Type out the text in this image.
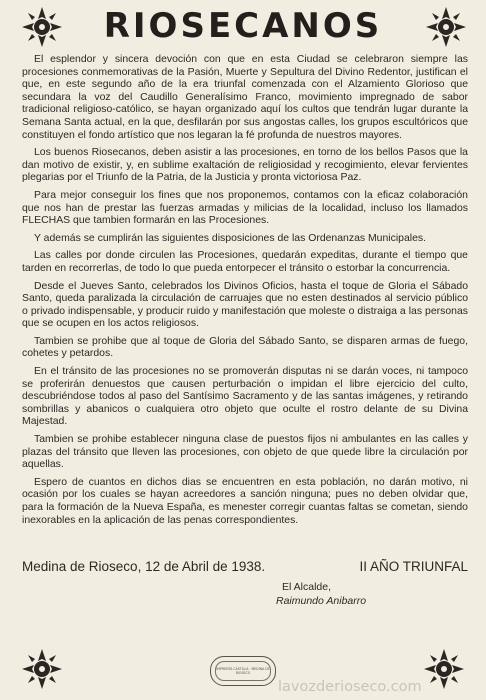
RIOSECANOS

El esplendor y sincera devoción con que en esta Ciudad se celebraron siempre las procesiones conmemorativas de la Pasión, Muerte y Sepultura del Divino Redentor, justifican el que, en este segundo año de la era triunfal comenzada con el Alzamiento Glorioso que secundara la voz del Caudillo Generalísimo Franco, movimiento impregnado de sabor tradicional religioso-católico, se hayan organizado aquí los cultos que tendrán lugar durante la Semana Santa actual, en la que, desfilarán por sus angostas calles, los grupos escultóricos que constituyen el fondo artístico que nos legaran la fé profunda de nuestros mayores.

Los buenos Riosecanos, deben asistir a las procesiones, en torno de los bellos Pasos que la dan motivo de existir, y, en sublime exaltación de religiosidad y recogimiento, elevar fervientes plegarias por el Triunfo de la Patria, de la Justicia y pronta victoriosa Paz.

Para mejor conseguir los fines que nos proponemos, contamos con la eficaz colaboración que nos han de prestar las fuerzas armadas y milicias de la localidad, incluso los llamados FLECHAS que tambien formarán en las Procesiones.

Y además se cumplirán las siguientes disposiciones de las Ordenanzas Municipales.

Las calles por donde circulen las Procesiones, quedarán expeditas, durante el tiempo que tarden en recorrerlas, de todo lo que pueda entorpecer el tránsito o estorbar la concurrencia.

Desde el Jueves Santo, celebrados los Divinos Oficios, hasta el toque de Gloria el Sábado Santo, queda paralizada la circulación de carruajes que no esten destinados al servicio público o privado indispensable, y producir ruido y manifestación que moleste o distraiga a las personas que se ocupen en los actos religiosos.

Tambien se prohibe que al toque de Gloria del Sábado Santo, se disparen armas de fuego, cohetes y petardos.

En el tránsito de las procesiones no se promoverán disputas ni se darán voces, ni tampoco se proferirán denuestos que causen perturbación o impidan el libre ejercicio del culto, descubriéndose todos al paso del Santísimo Sacramento y de las santas imágenes, y retirando sombrillas y abanicos o cualquiera otro objeto que oculte el rostro delante de su Divina Majestad.

Tambien se prohibe establecer ninguna clase de puestos fijos ni ambulantes en las calles y plazas del tránsito que lleven las procesiones, con objeto de que quede libre la circulación por aquellas.

Espero de cuantos en dichos dias se encuentren en esta población, no darán motivo, ni ocasión por los cuales se hayan acreedores a sanción ninguna; pues no deben olvidar que, para la formación de la Nueva España, es menester corregir cuantas faltas se cometan, siendo inexorables en la aplicación de las penas correspondientes.

Medina de Rioseco, 12 de Abril de 1938.	II AÑO TRIUNFAL
El Alcalde,
Raimundo Anibarro
IMPRENTA CASTILLA · MEDINA DE RIOSECO
lavozderioseco.com
